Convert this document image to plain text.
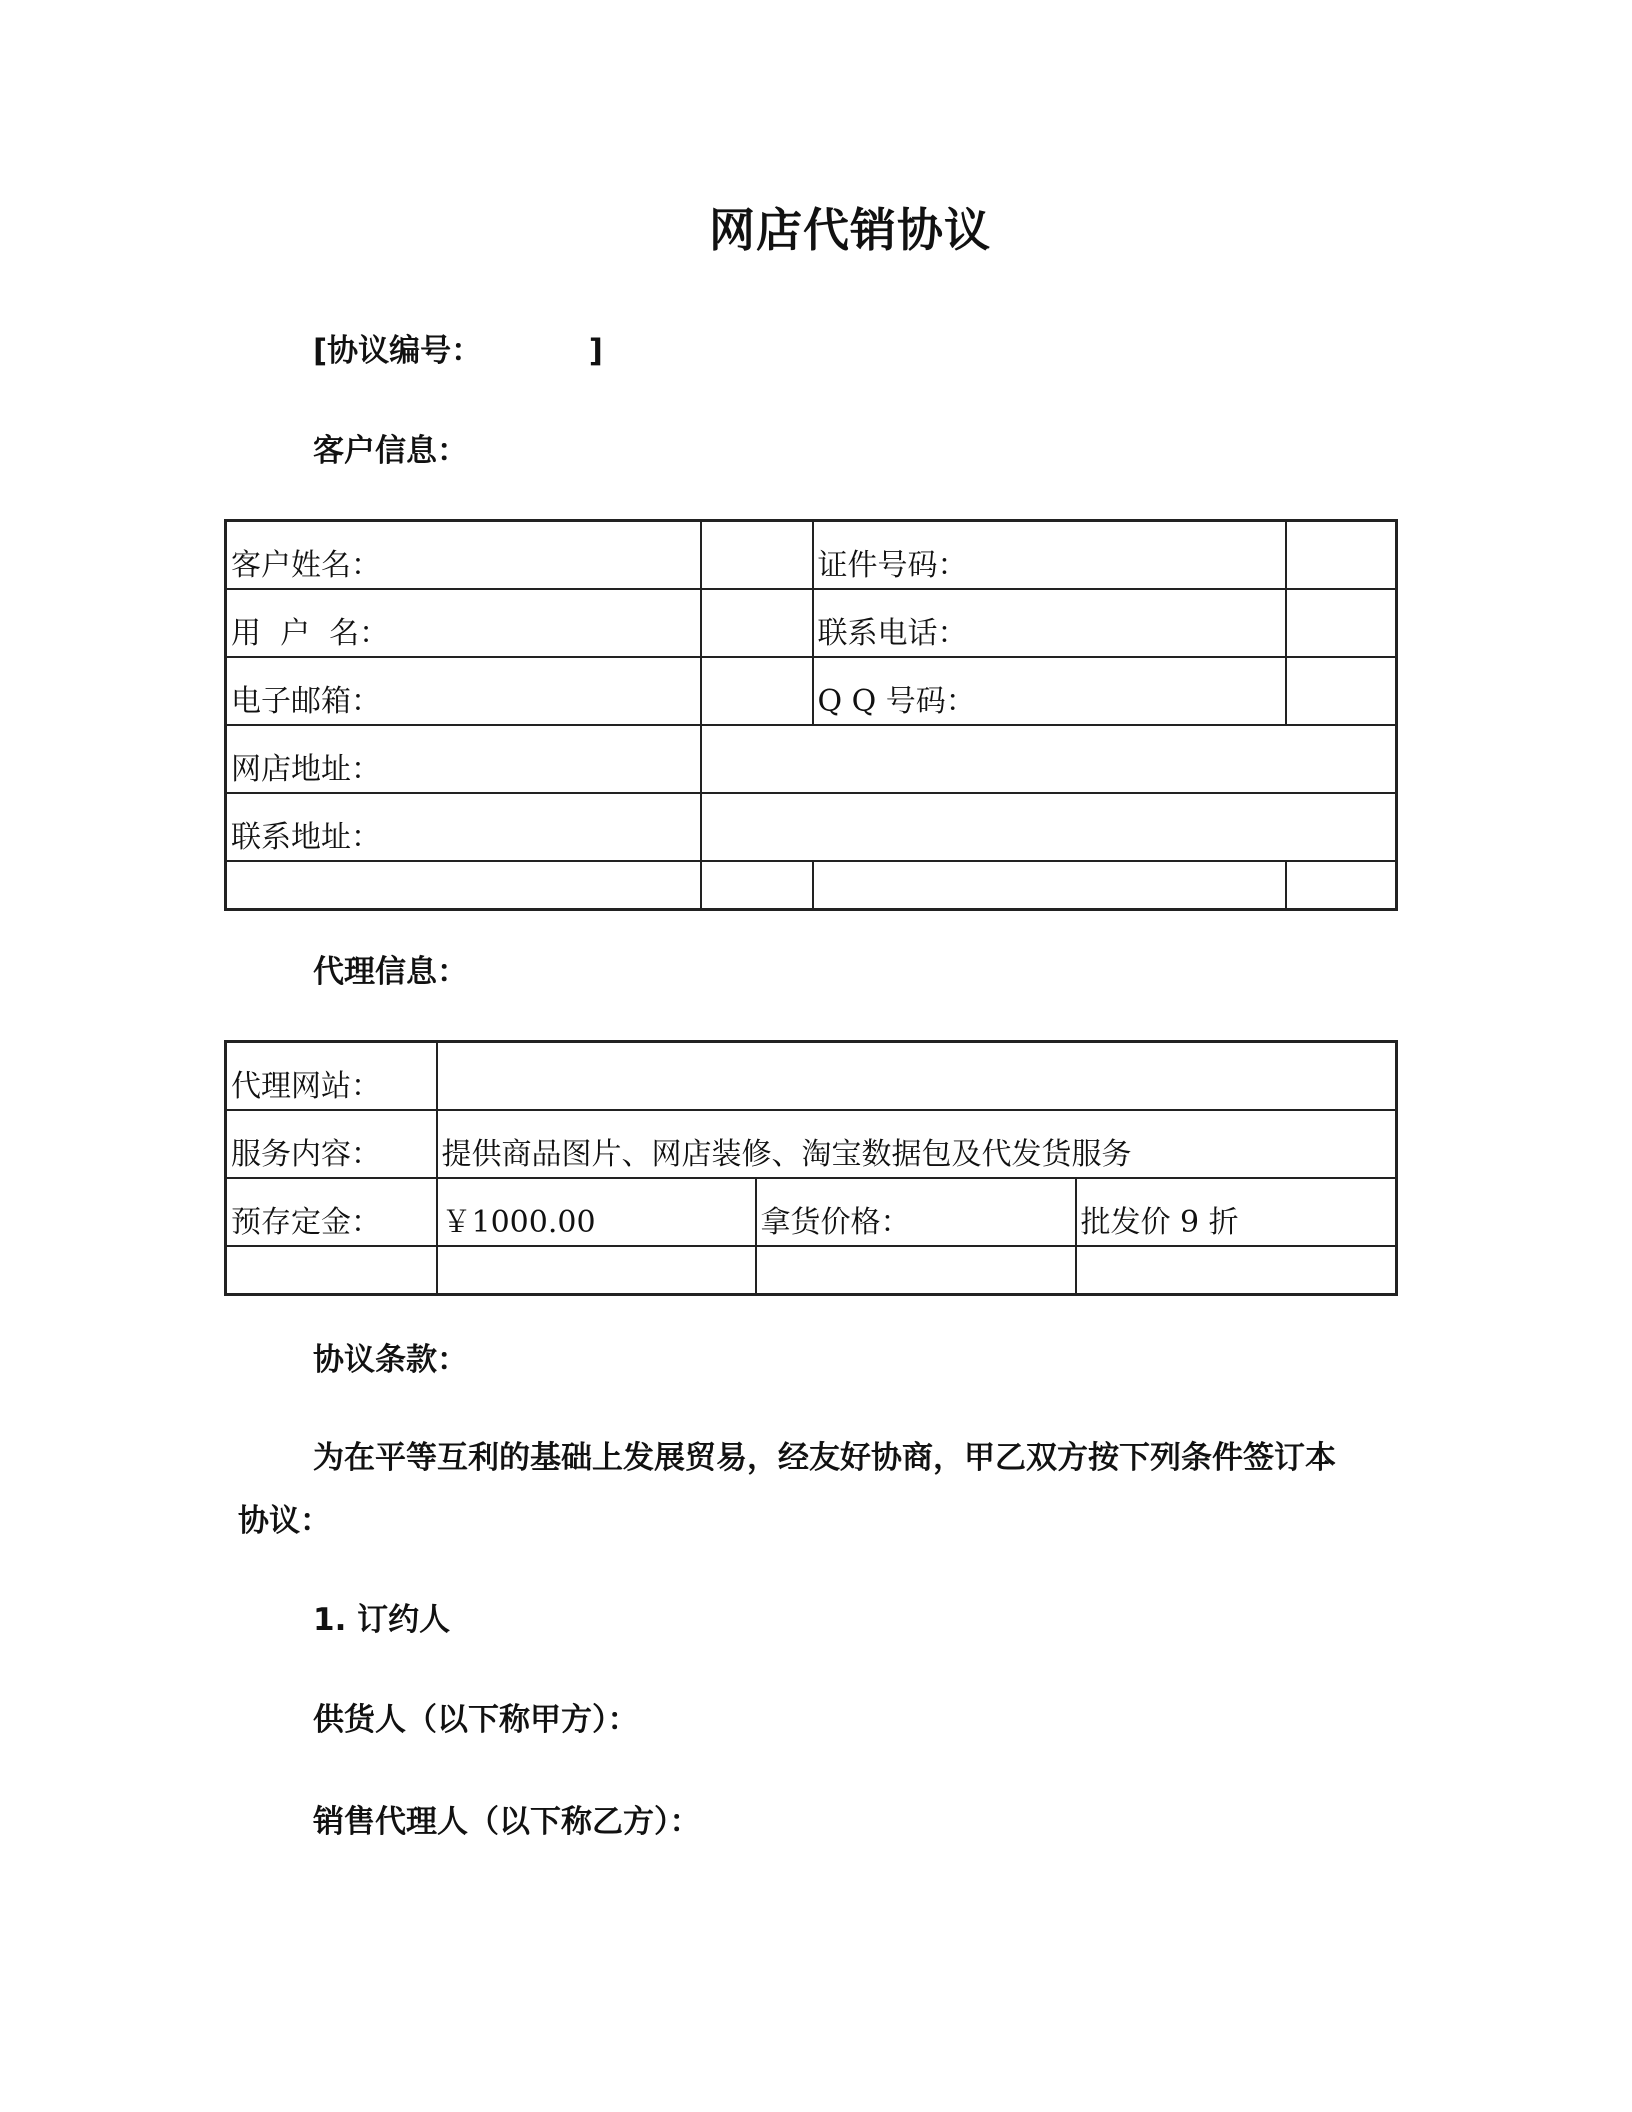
网店代销协议
[协议编号：	]
客户信息：
客户姓名：		证件号码：	
用  户  名：		联系电话：	
电子邮箱：		Q Q 号码：	
网店地址：			
联系地址：			

代理信息：
代理网站：			
服务内容：	提供商品图片、网店装修、淘宝数据包及代发货服务		
预存定金：	￥1000.00	拿货价格：	批发价 9 折

协议条款：
为在平等互利的基础上发展贸易，经友好协商，甲乙双方按下列条件签订本
协议：
1. 订约人
供货人（以下称甲方）：
销售代理人（以下称乙方）：
